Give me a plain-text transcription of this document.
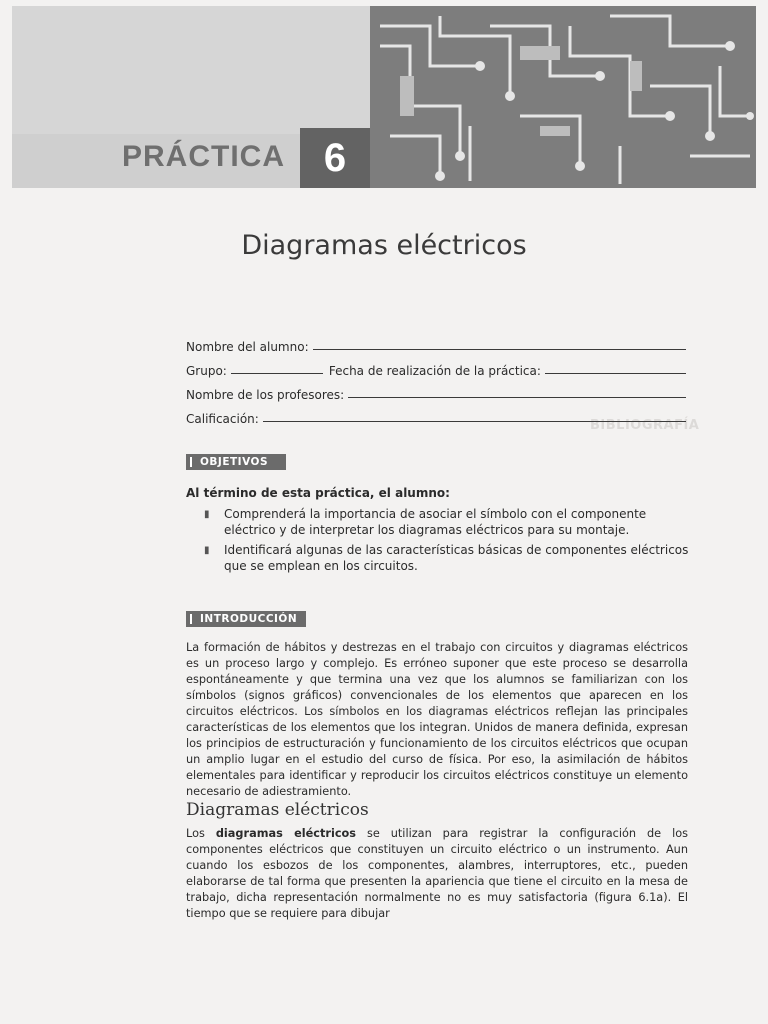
BIBLIOGRAFÍA
PRÁCTICA 6
Diagramas eléctricos
Nombre del alumno:
Grupo:	Fecha de realización de la práctica:
Nombre de los profesores:
Calificación:
OBJETIVOS
Al término de esta práctica, el alumno:
▮ Comprenderá la importancia de asociar el símbolo con el componente eléctrico y de interpretar los diagramas eléctricos para su montaje.
▮ Identificará algunas de las características básicas de componentes eléctricos que se emplean en los circuitos.
INTRODUCCIÓN
La formación de hábitos y destrezas en el trabajo con circuitos y diagramas eléctricos es un proceso largo y complejo. Es erróneo suponer que este proceso se desarrolla espontáneamente y que termina una vez que los alumnos se familiarizan con los símbolos (signos gráficos) convencionales de los elementos que aparecen en los circuitos eléctricos. Los símbolos en los diagramas eléctricos reflejan las principales características de los elementos que los integran. Unidos de manera definida, expresan los principios de estructuración y funcionamiento de los circuitos eléctricos que ocupan un amplio lugar en el estudio del curso de física. Por eso, la asimilación de hábitos elementales para identificar y reproducir los circuitos eléctricos constituye un elemento necesario de adiestramiento.
Diagramas eléctricos
Los diagramas eléctricos se utilizan para registrar la configuración de los componentes eléctricos que constituyen un circuito eléctrico o un instrumento. Aun cuando los esbozos de los componentes, alambres, interruptores, etc., pueden elaborarse de tal forma que presenten la apariencia que tiene el circuito en la mesa de trabajo, dicha representación normalmente no es muy satisfactoria (figura 6.1a). El tiempo que se requiere para dibujar
